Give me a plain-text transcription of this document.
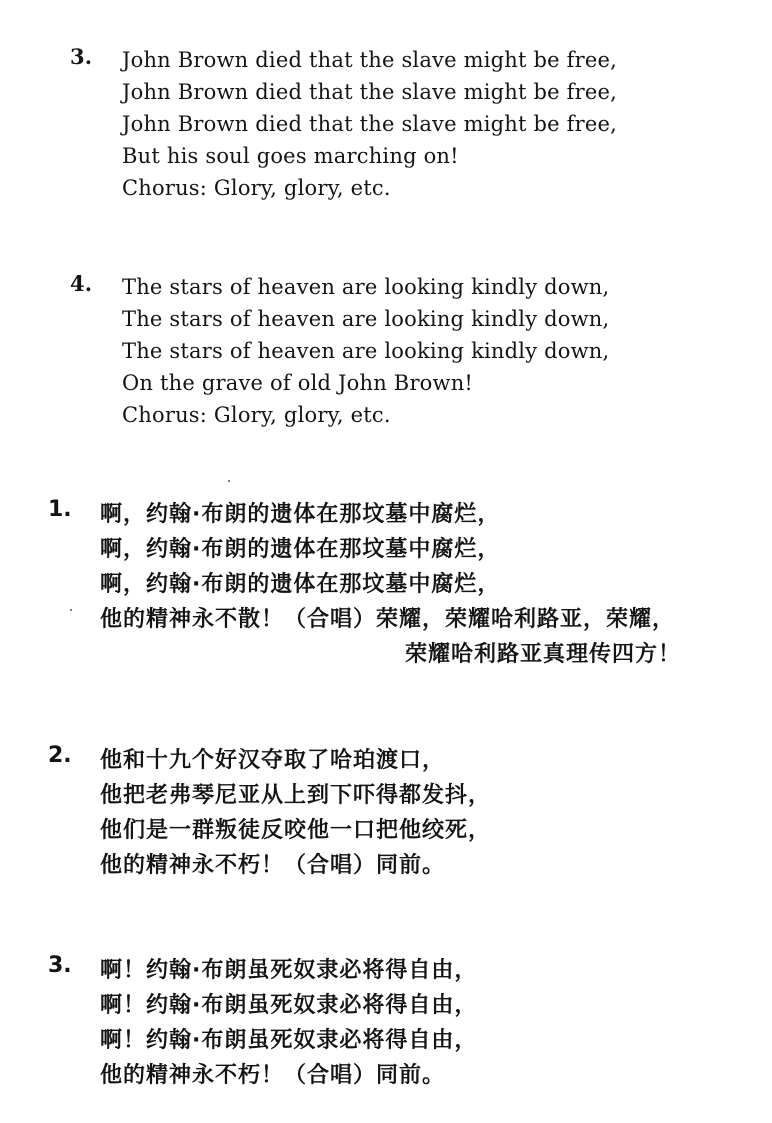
3. John Brown died that the slave might be free,
John Brown died that the slave might be free,
John Brown died that the slave might be free,
But his soul goes marching on!
Chorus: Glory, glory, etc.
4. The stars of heaven are looking kindly down,
The stars of heaven are looking kindly down,
The stars of heaven are looking kindly down,
On the grave of old John Brown!
Chorus: Glory, glory, etc.
1. 啊，约翰·布朗的遗体在那坟墓中腐烂，
啊，约翰·布朗的遗体在那坟墓中腐烂，
啊，约翰·布朗的遗体在那坟墓中腐烂，
他的精神永不散！（合唱）荣耀，荣耀哈利路亚，荣耀，
荣耀哈利路亚真理传四方！
2. 他和十九个好汉夺取了哈珀渡口，
他把老弗琴尼亚从上到下吓得都发抖，
他们是一群叛徒反咬他一口把他绞死，
他的精神永不朽！（合唱）同前。
3. 啊！约翰·布朗虽死奴隶必将得自由，
啊！约翰·布朗虽死奴隶必将得自由，
啊！约翰·布朗虽死奴隶必将得自由，
他的精神永不朽！（合唱）同前。
